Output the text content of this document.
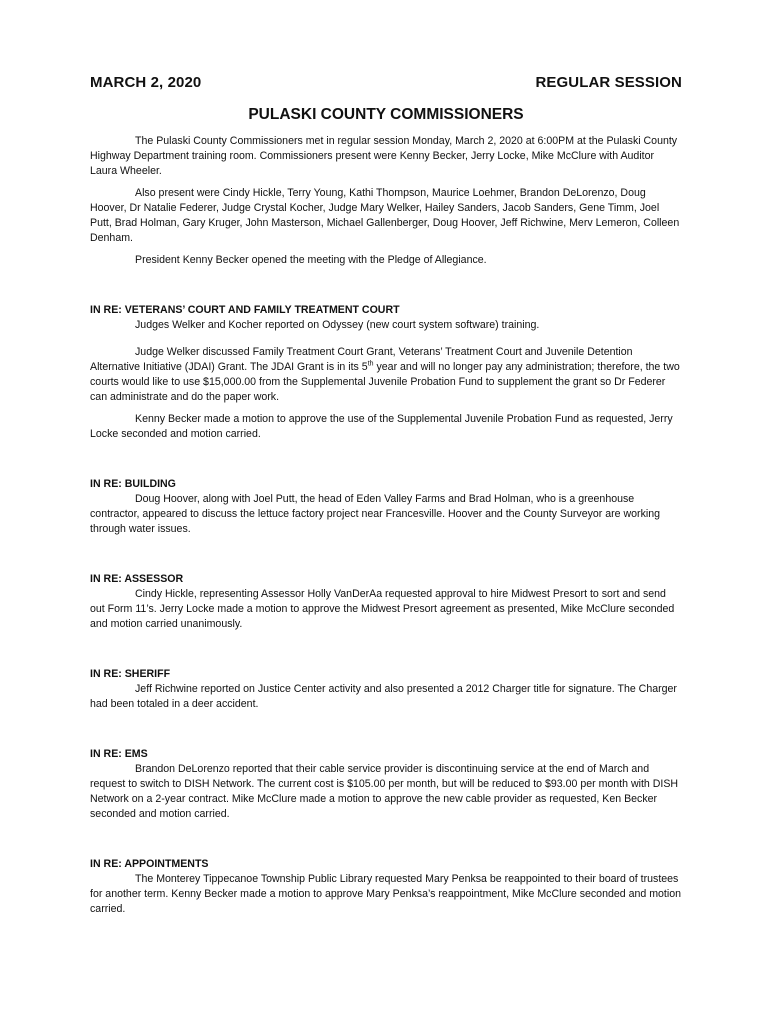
MARCH 2, 2020	REGULAR SESSION
PULASKI COUNTY COMMISSIONERS

The Pulaski County Commissioners met in regular session Monday, March 2, 2020 at 6:00PM at the Pulaski County Highway Department training room. Commissioners present were Kenny Becker, Jerry Locke, Mike McClure with Auditor Laura Wheeler.

Also present were Cindy Hickle, Terry Young, Kathi Thompson, Maurice Loehmer, Brandon DeLorenzo, Doug Hoover, Dr Natalie Federer, Judge Crystal Kocher, Judge Mary Welker, Hailey Sanders, Jacob Sanders, Gene Timm, Joel Putt, Brad Holman, Gary Kruger, John Masterson, Michael Gallenberger, Doug Hoover, Jeff Richwine, Merv Lemeron, Colleen Denham.

President Kenny Becker opened the meeting with the Pledge of Allegiance.

IN RE: VETERANS’ COURT AND FAMILY TREATMENT COURT

Judges Welker and Kocher reported on Odyssey (new court system software) training.

Judge Welker discussed Family Treatment Court Grant, Veterans’ Treatment Court and Juvenile Detention Alternative Initiative (JDAI) Grant. The JDAI Grant is in its 5th year and will no longer pay any administration; therefore, the two courts would like to use $15,000.00 from the Supplemental Juvenile Probation Fund to supplement the grant so Dr Federer can administrate and do the paper work.

Kenny Becker made a motion to approve the use of the Supplemental Juvenile Probation Fund as requested, Jerry Locke seconded and motion carried.

IN RE: BUILDING

Doug Hoover, along with Joel Putt, the head of Eden Valley Farms and Brad Holman, who is a greenhouse contractor, appeared to discuss the lettuce factory project near Francesville. Hoover and the County Surveyor are working through water issues.

IN RE: ASSESSOR

Cindy Hickle, representing Assessor Holly VanDerAa requested approval to hire Midwest Presort to sort and send out Form 11’s. Jerry Locke made a motion to approve the Midwest Presort agreement as presented, Mike McClure seconded and motion carried unanimously.

IN RE: SHERIFF

Jeff Richwine reported on Justice Center activity and also presented a 2012 Charger title for signature. The Charger had been totaled in a deer accident.

IN RE: EMS

Brandon DeLorenzo reported that their cable service provider is discontinuing service at the end of March and request to switch to DISH Network. The current cost is $105.00 per month, but will be reduced to $93.00 per month with DISH Network on a 2-year contract. Mike McClure made a motion to approve the new cable provider as requested, Ken Becker seconded and motion carried.

IN RE: APPOINTMENTS

The Monterey Tippecanoe Township Public Library requested Mary Penksa be reappointed to their board of trustees for another term. Kenny Becker made a motion to approve Mary Penksa’s reappointment, Mike McClure seconded and motion carried.
